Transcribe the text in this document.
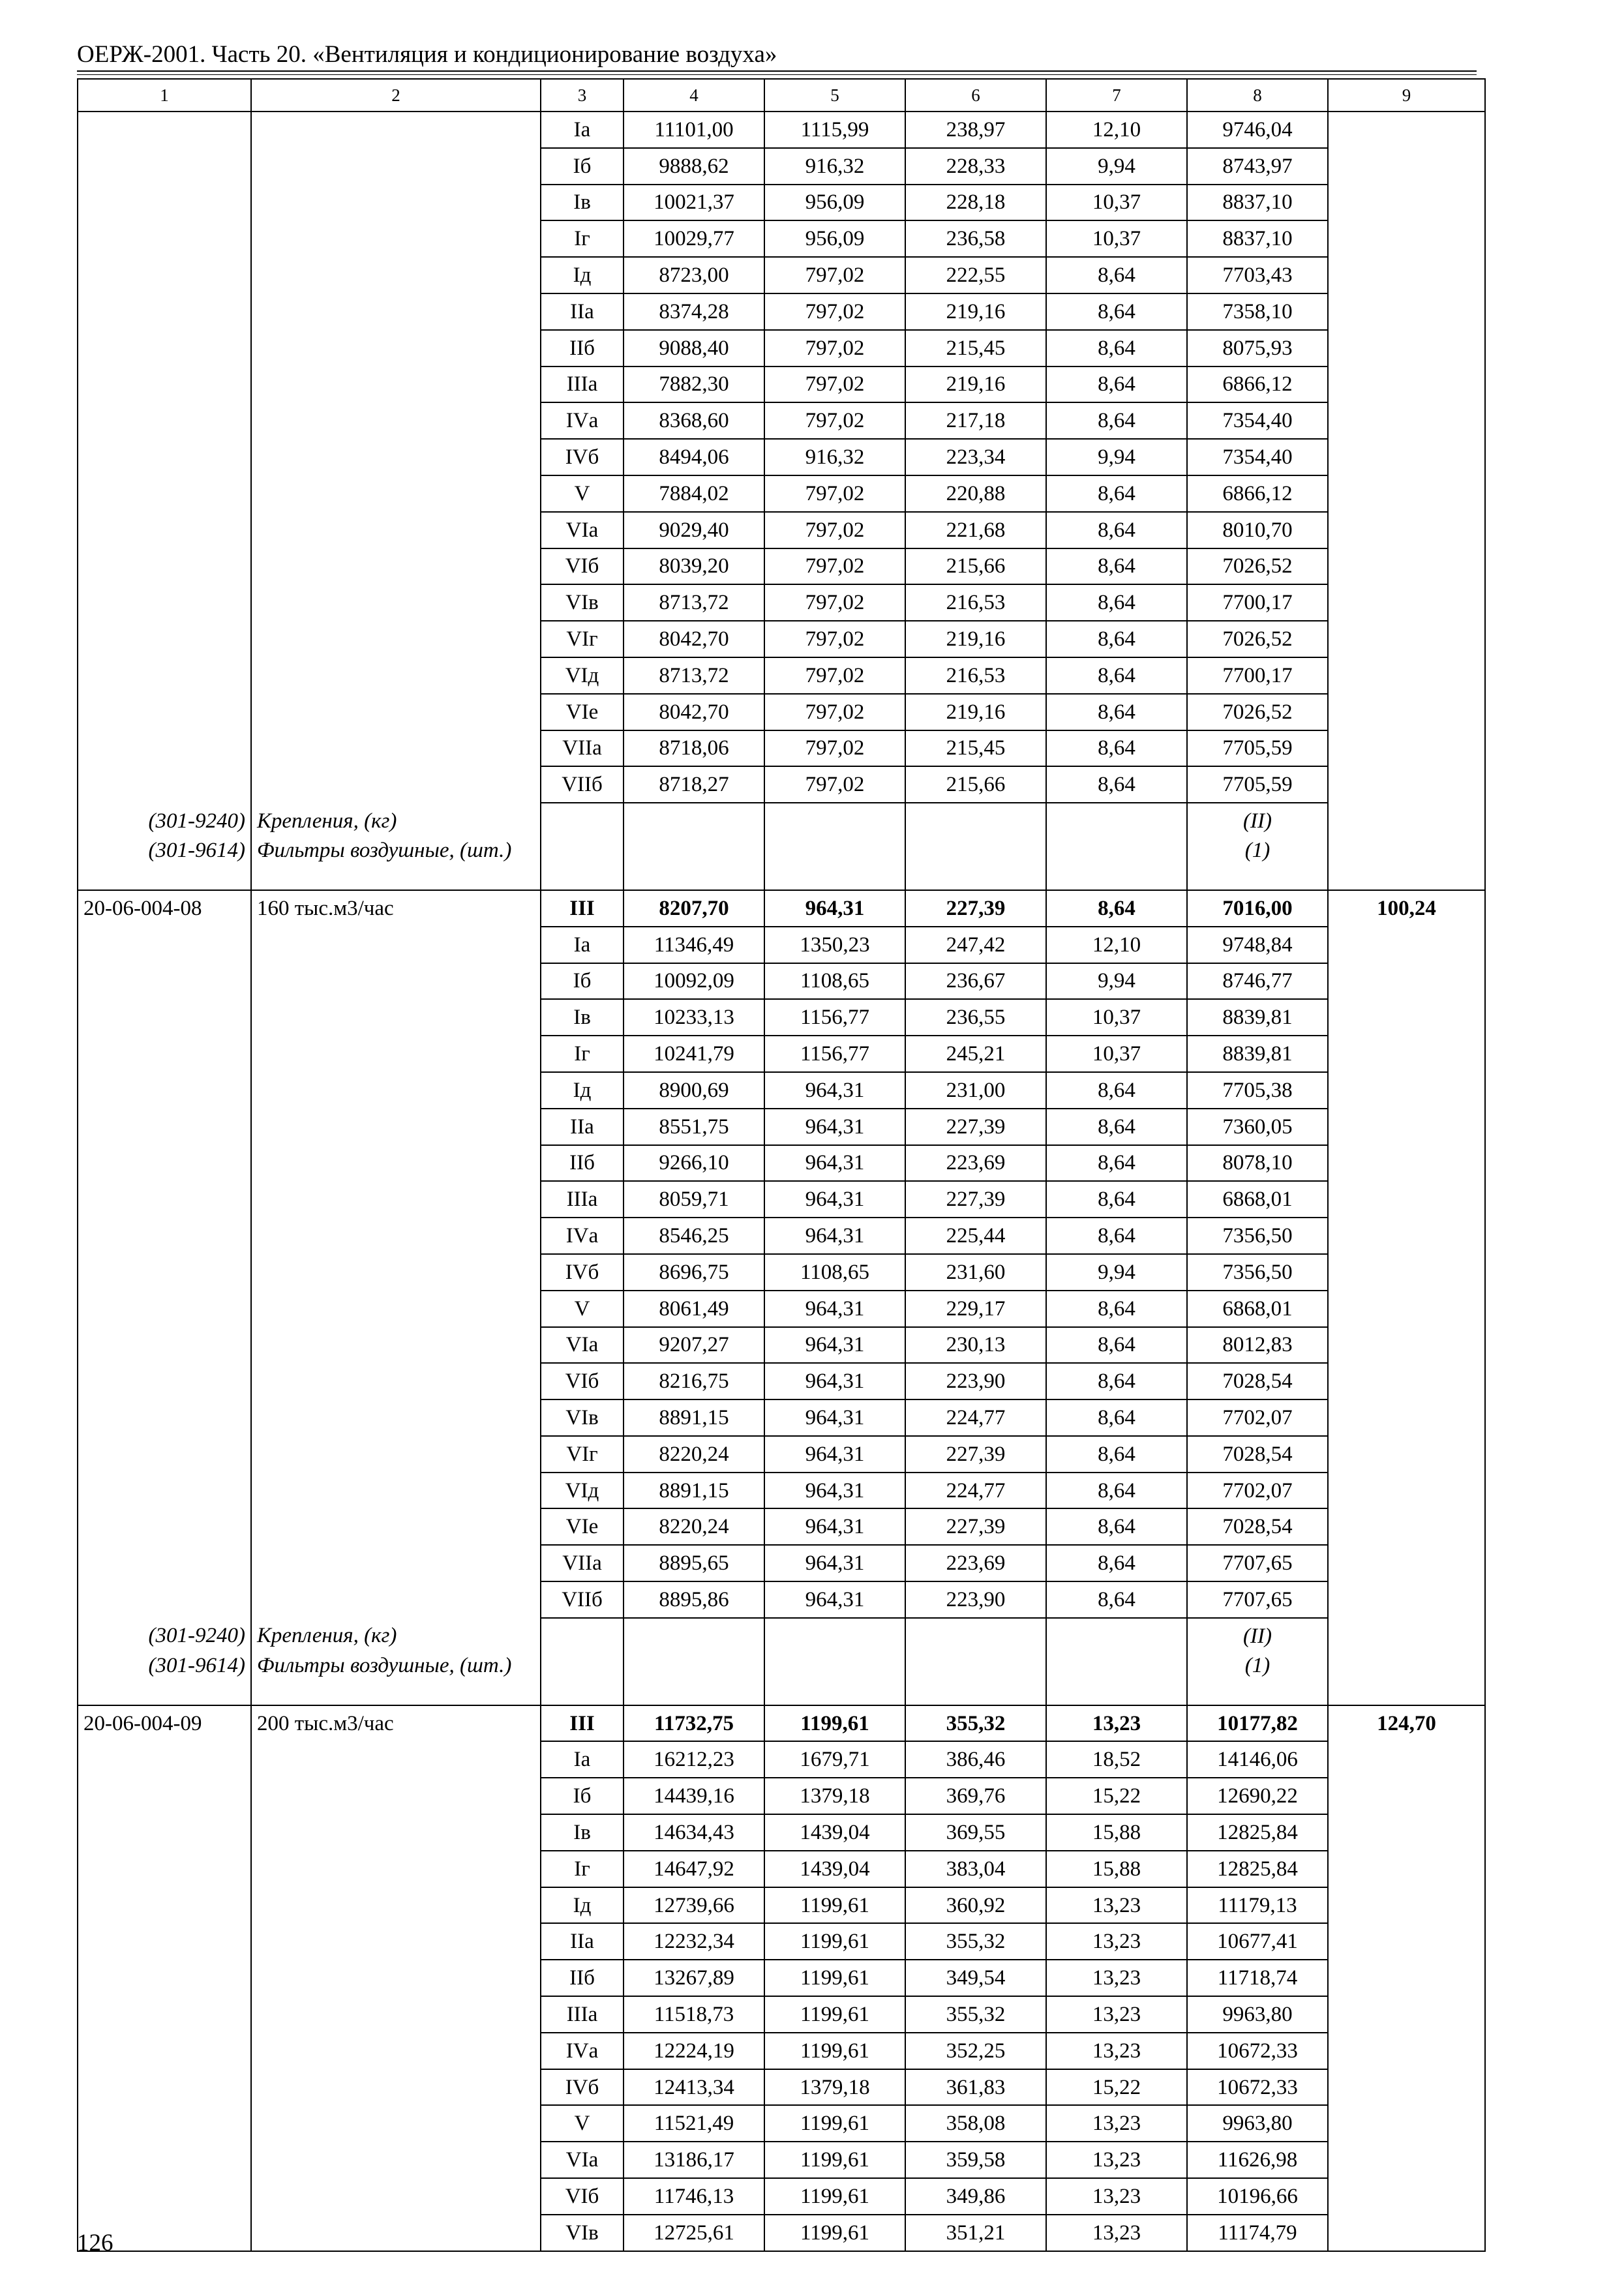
ОЕРЖ-2001. Часть 20. «Вентиляция и кондиционирование воздуха»
1	2	3	4	5	6	7	8	9
		Iа	11101,00	1115,99	238,97	12,10	9746,04	
		Iб	9888,62	916,32	228,33	9,94	8743,97	
		Iв	10021,37	956,09	228,18	10,37	8837,10	
		Iг	10029,77	956,09	236,58	10,37	8837,10	
		Iд	8723,00	797,02	222,55	8,64	7703,43	
		IIа	8374,28	797,02	219,16	8,64	7358,10	
		IIб	9088,40	797,02	215,45	8,64	8075,93	
		IIIа	7882,30	797,02	219,16	8,64	6866,12	
		IVа	8368,60	797,02	217,18	8,64	7354,40	
		IVб	8494,06	916,32	223,34	9,94	7354,40	
		V	7884,02	797,02	220,88	8,64	6866,12	
		VIа	9029,40	797,02	221,68	8,64	8010,70	
		VIб	8039,20	797,02	215,66	8,64	7026,52	
		VIв	8713,72	797,02	216,53	8,64	7700,17	
		VIг	8042,70	797,02	219,16	8,64	7026,52	
		VIд	8713,72	797,02	216,53	8,64	7700,17	
		VIе	8042,70	797,02	219,16	8,64	7026,52	
		VIIа	8718,06	797,02	215,45	8,64	7705,59	
		VIIб	8718,27	797,02	215,66	8,64	7705,59	
(301-9240)	Крепления, (кг)						(II)	
(301-9614)	Фильтры воздушные, (шт.)						(1)	
20-06-004-08	160 тыс.м3/час	III	8207,70	964,31	227,39	8,64	7016,00	100,24
		Iа	11346,49	1350,23	247,42	12,10	9748,84	
		Iб	10092,09	1108,65	236,67	9,94	8746,77	
		Iв	10233,13	1156,77	236,55	10,37	8839,81	
		Iг	10241,79	1156,77	245,21	10,37	8839,81	
		Iд	8900,69	964,31	231,00	8,64	7705,38	
		IIа	8551,75	964,31	227,39	8,64	7360,05	
		IIб	9266,10	964,31	223,69	8,64	8078,10	
		IIIа	8059,71	964,31	227,39	8,64	6868,01	
		IVа	8546,25	964,31	225,44	8,64	7356,50	
		IVб	8696,75	1108,65	231,60	9,94	7356,50	
		V	8061,49	964,31	229,17	8,64	6868,01	
		VIа	9207,27	964,31	230,13	8,64	8012,83	
		VIб	8216,75	964,31	223,90	8,64	7028,54	
		VIв	8891,15	964,31	224,77	8,64	7702,07	
		VIг	8220,24	964,31	227,39	8,64	7028,54	
		VIд	8891,15	964,31	224,77	8,64	7702,07	
		VIе	8220,24	964,31	227,39	8,64	7028,54	
		VIIа	8895,65	964,31	223,69	8,64	7707,65	
		VIIб	8895,86	964,31	223,90	8,64	7707,65	
(301-9240)	Крепления, (кг)						(II)	
(301-9614)	Фильтры воздушные, (шт.)						(1)	
20-06-004-09	200 тыс.м3/час	III	11732,75	1199,61	355,32	13,23	10177,82	124,70
		Iа	16212,23	1679,71	386,46	18,52	14146,06	
		Iб	14439,16	1379,18	369,76	15,22	12690,22	
		Iв	14634,43	1439,04	369,55	15,88	12825,84	
		Iг	14647,92	1439,04	383,04	15,88	12825,84	
		Iд	12739,66	1199,61	360,92	13,23	11179,13	
		IIа	12232,34	1199,61	355,32	13,23	10677,41	
		IIб	13267,89	1199,61	349,54	13,23	11718,74	
		IIIа	11518,73	1199,61	355,32	13,23	9963,80	
		IVа	12224,19	1199,61	352,25	13,23	10672,33	
		IVб	12413,34	1379,18	361,83	15,22	10672,33	
		V	11521,49	1199,61	358,08	13,23	9963,80	
		VIа	13186,17	1199,61	359,58	13,23	11626,98	
		VIб	11746,13	1199,61	349,86	13,23	10196,66	
		VIв	12725,61	1199,61	351,21	13,23	11174,79	
126
